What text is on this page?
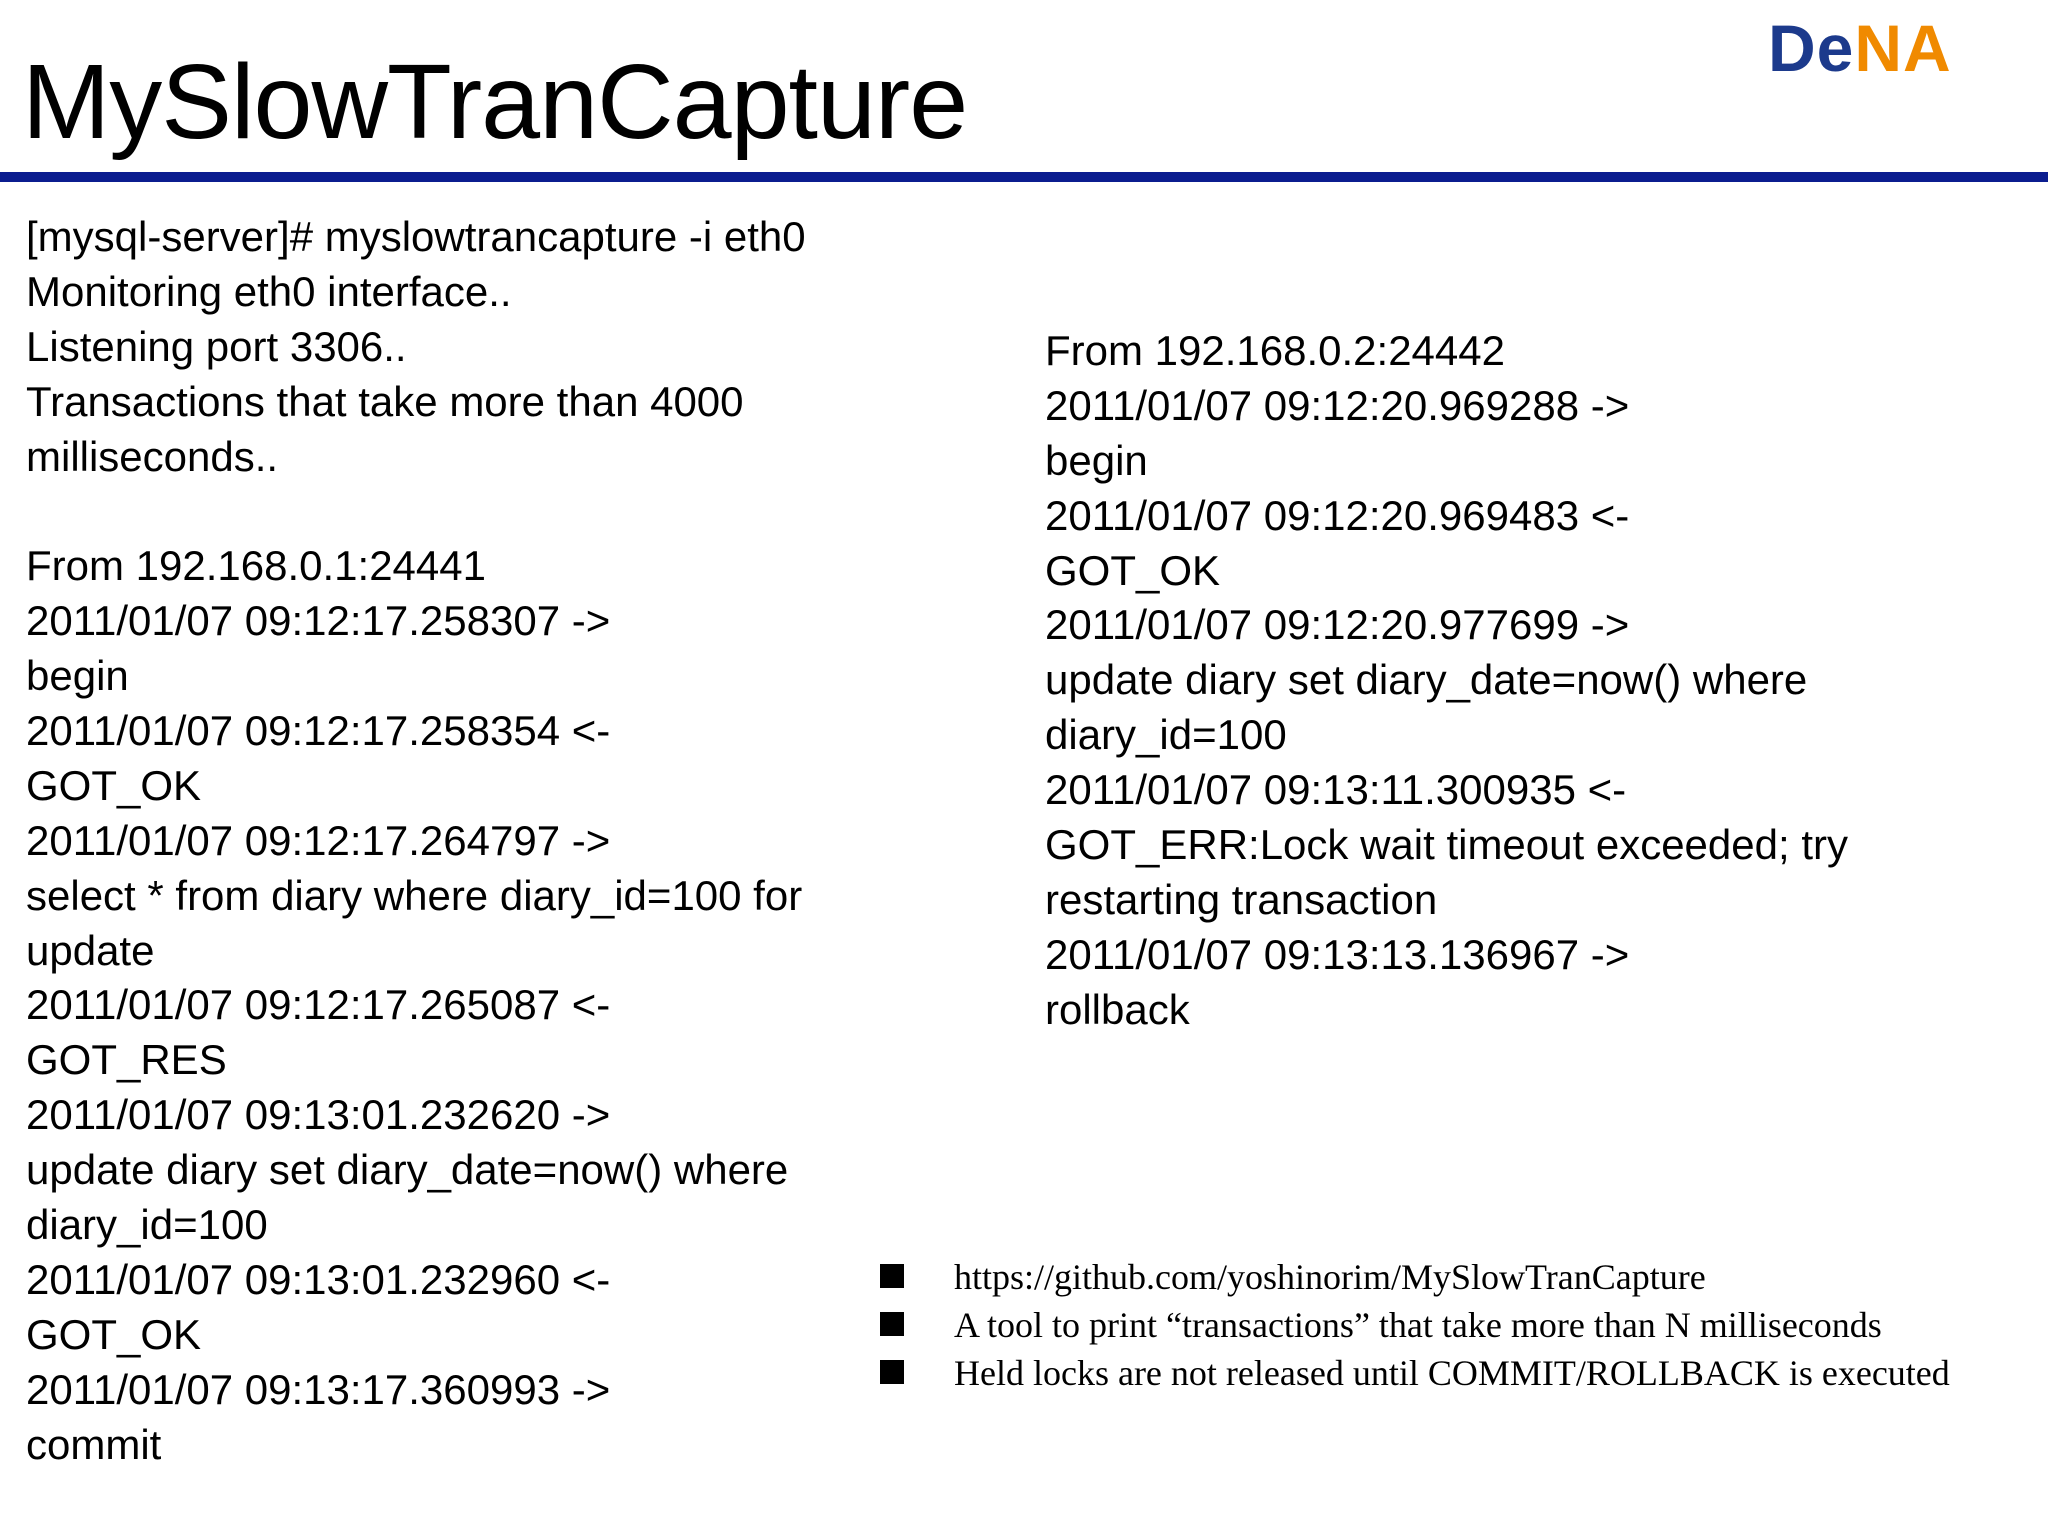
MySlowTranCapture	De NA

[mysql-server]# myslowtrancapture -i eth0

Monitoring eth0 interface..

Listening port 3306..

Transactions that take more than 4000

milliseconds..

From 192.168.0.1:24441

2011/01/07 09:12:17.258307 ->

begin

2011/01/07 09:12:17.258354 <-

GOT_OK

2011/01/07 09:12:17.264797 ->

select * from diary where diary_id=100 for

update

2011/01/07 09:12:17.265087 <-

GOT_RES

2011/01/07 09:13:01.232620 ->

update diary set diary_date=now() where

diary_id=100

2011/01/07 09:13:01.232960 <-

GOT_OK

2011/01/07 09:13:17.360993 ->

commit

From 192.168.0.2:24442

2011/01/07 09:12:20.969288 ->

begin

2011/01/07 09:12:20.969483 <-

GOT_OK

2011/01/07 09:12:20.977699 ->

update diary set diary_date=now() where

diary_id=100

2011/01/07 09:13:11.300935 <-

GOT_ERR:Lock wait timeout exceeded; try

restarting transaction

2011/01/07 09:13:13.136967 ->

rollback

https://github.com/yoshinorim/MySlowTranCapture
A tool to print “transactions” that take more than N milliseconds
Held locks are not released until COMMIT/ROLLBACK is executed
